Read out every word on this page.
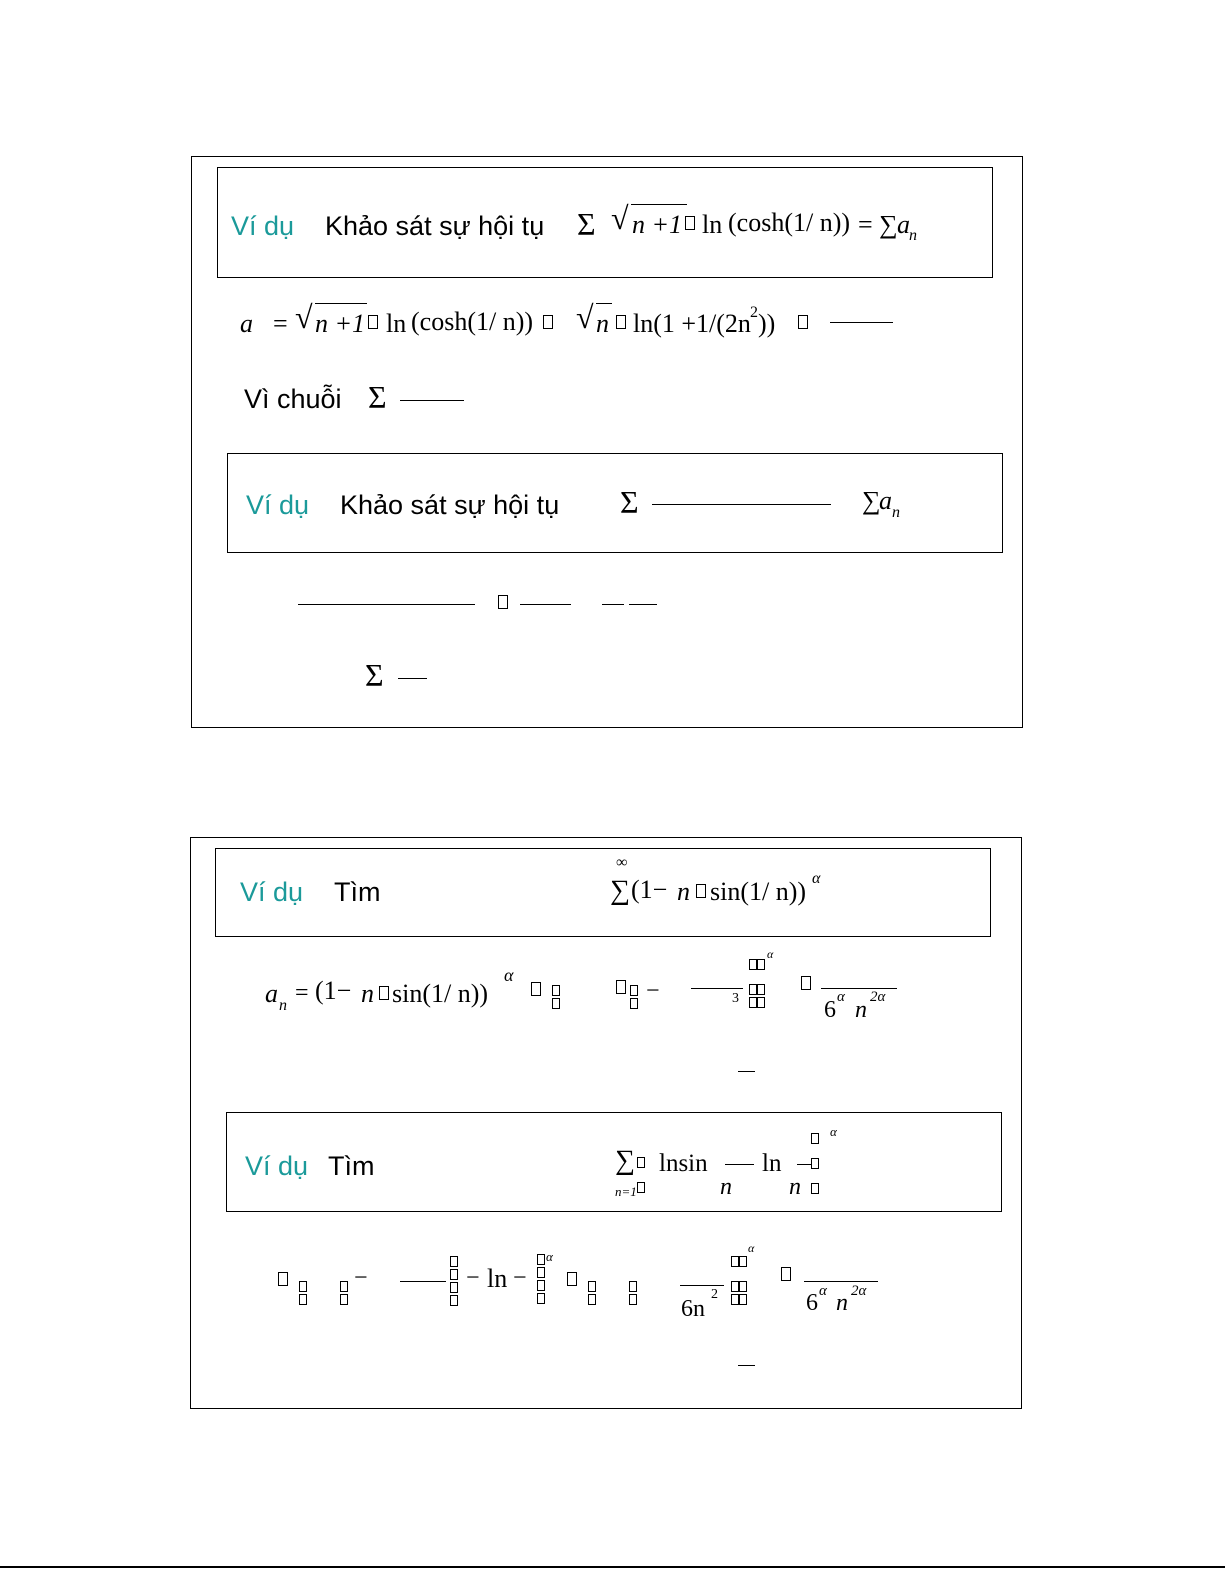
Ví dụ Khảo sát sự hội tụ Σ √ n +1 ln (cosh(1/ n)) = ∑ a n
a = √ n +1 ln (cosh(1/ n)) √ n ln(1 +1/(2n 2 ))
Vì chuỗi Σ
Ví dụ Khảo sát sự hội tụ Σ	∑
a n
Σ
Ví dụ Tìm
∞
∑ (1− n sin(1/ n)) α
a n = (1− n sin(1/ n))
α

−	3

α
6 α n 2α
Ví dụ Tìm	∑
n=1

lnsin
n
ln
n

α

−	− ln −

α

6n
2

α
6 α n 2α
